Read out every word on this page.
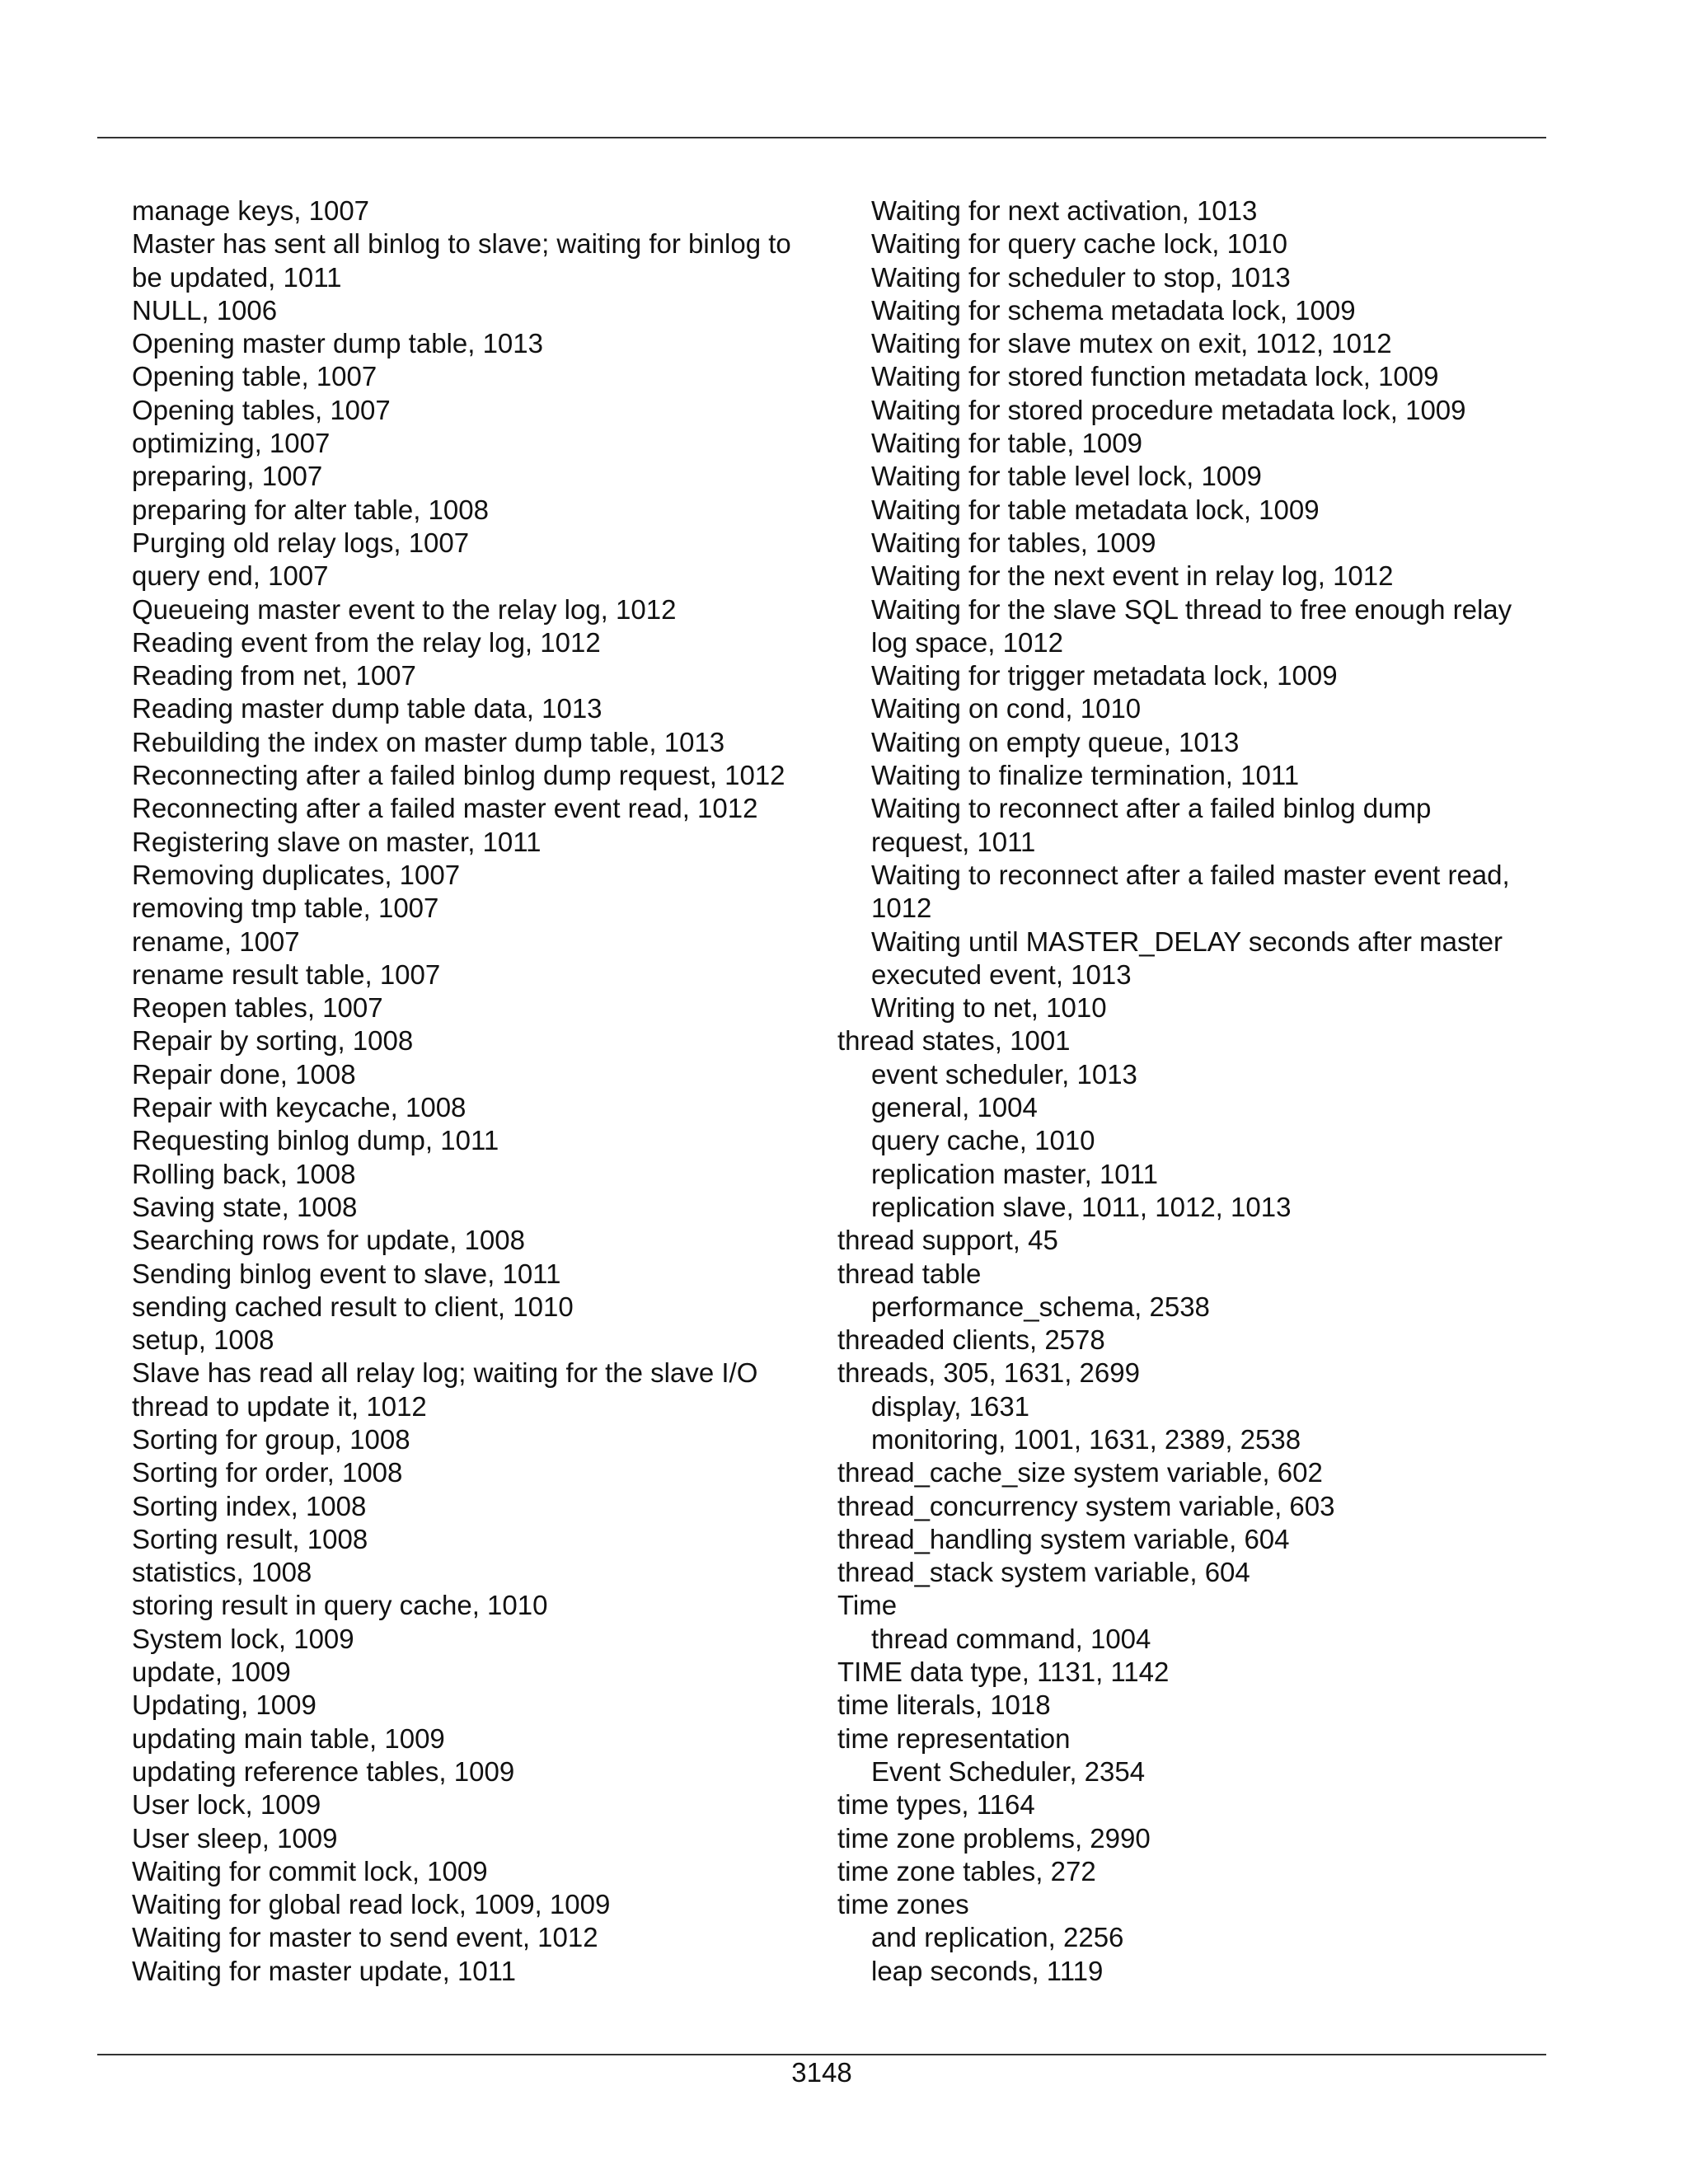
manage keys, 1007
Master has sent all binlog to slave; waiting for binlog to
be updated, 1011
NULL, 1006
Opening master dump table, 1013
Opening table, 1007
Opening tables, 1007
optimizing, 1007
preparing, 1007
preparing for alter table, 1008
Purging old relay logs, 1007
query end, 1007
Queueing master event to the relay log, 1012
Reading event from the relay log, 1012
Reading from net, 1007
Reading master dump table data, 1013
Rebuilding the index on master dump table, 1013
Reconnecting after a failed binlog dump request, 1012
Reconnecting after a failed master event read, 1012
Registering slave on master, 1011
Removing duplicates, 1007
removing tmp table, 1007
rename, 1007
rename result table, 1007
Reopen tables, 1007
Repair by sorting, 1008
Repair done, 1008
Repair with keycache, 1008
Requesting binlog dump, 1011
Rolling back, 1008
Saving state, 1008
Searching rows for update, 1008
Sending binlog event to slave, 1011
sending cached result to client, 1010
setup, 1008
Slave has read all relay log; waiting for the slave I/O
thread to update it, 1012
Sorting for group, 1008
Sorting for order, 1008
Sorting index, 1008
Sorting result, 1008
statistics, 1008
storing result in query cache, 1010
System lock, 1009
update, 1009
Updating, 1009
updating main table, 1009
updating reference tables, 1009
User lock, 1009
User sleep, 1009
Waiting for commit lock, 1009
Waiting for global read lock, 1009, 1009
Waiting for master to send event, 1012
Waiting for master update, 1011
Waiting for next activation, 1013
Waiting for query cache lock, 1010
Waiting for scheduler to stop, 1013
Waiting for schema metadata lock, 1009
Waiting for slave mutex on exit, 1012, 1012
Waiting for stored function metadata lock, 1009
Waiting for stored procedure metadata lock, 1009
Waiting for table, 1009
Waiting for table level lock, 1009
Waiting for table metadata lock, 1009
Waiting for tables, 1009
Waiting for the next event in relay log, 1012
Waiting for the slave SQL thread to free enough relay
log space, 1012
Waiting for trigger metadata lock, 1009
Waiting on cond, 1010
Waiting on empty queue, 1013
Waiting to finalize termination, 1011
Waiting to reconnect after a failed binlog dump
request, 1011
Waiting to reconnect after a failed master event read,
1012
Waiting until MASTER_DELAY seconds after master
executed event, 1013
Writing to net, 1010
thread states, 1001
event scheduler, 1013
general, 1004
query cache, 1010
replication master, 1011
replication slave, 1011, 1012, 1013
thread support, 45
thread table
performance_schema, 2538
threaded clients, 2578
threads, 305, 1631, 2699
display, 1631
monitoring, 1001, 1631, 2389, 2538
thread_cache_size system variable, 602
thread_concurrency system variable, 603
thread_handling system variable, 604
thread_stack system variable, 604
Time
thread command, 1004
TIME data type, 1131, 1142
time literals, 1018
time representation
Event Scheduler, 2354
time types, 1164
time zone problems, 2990
time zone tables, 272
time zones
and replication, 2256
leap seconds, 1119
3148
